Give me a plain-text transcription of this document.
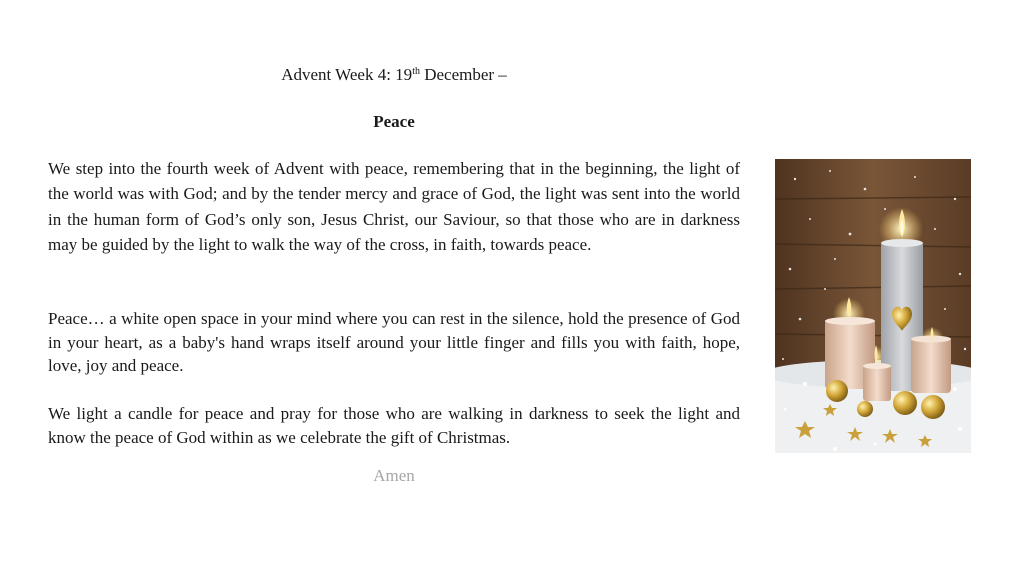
Advent Week 4: 19th December –
Peace

We step into the fourth week of Advent with peace, remembering that in the beginning, the light of the world was with God; and by the tender mercy and grace of God, the light was sent into the world in the human form of God’s only son, Jesus Christ, our Saviour, so that those who are in darkness may be guided by the light to walk the way of the cross, in faith, towards peace.

Peace… a white open space in your mind where you can rest in the silence, hold the presence of God in your heart, as a baby's hand wraps itself around your little finger and fills you with faith, hope, love, joy and peace.

We light a candle for peace and pray for those who are walking in darkness to seek the light and know the peace of God within as we celebrate the gift of Christmas.

Amen
